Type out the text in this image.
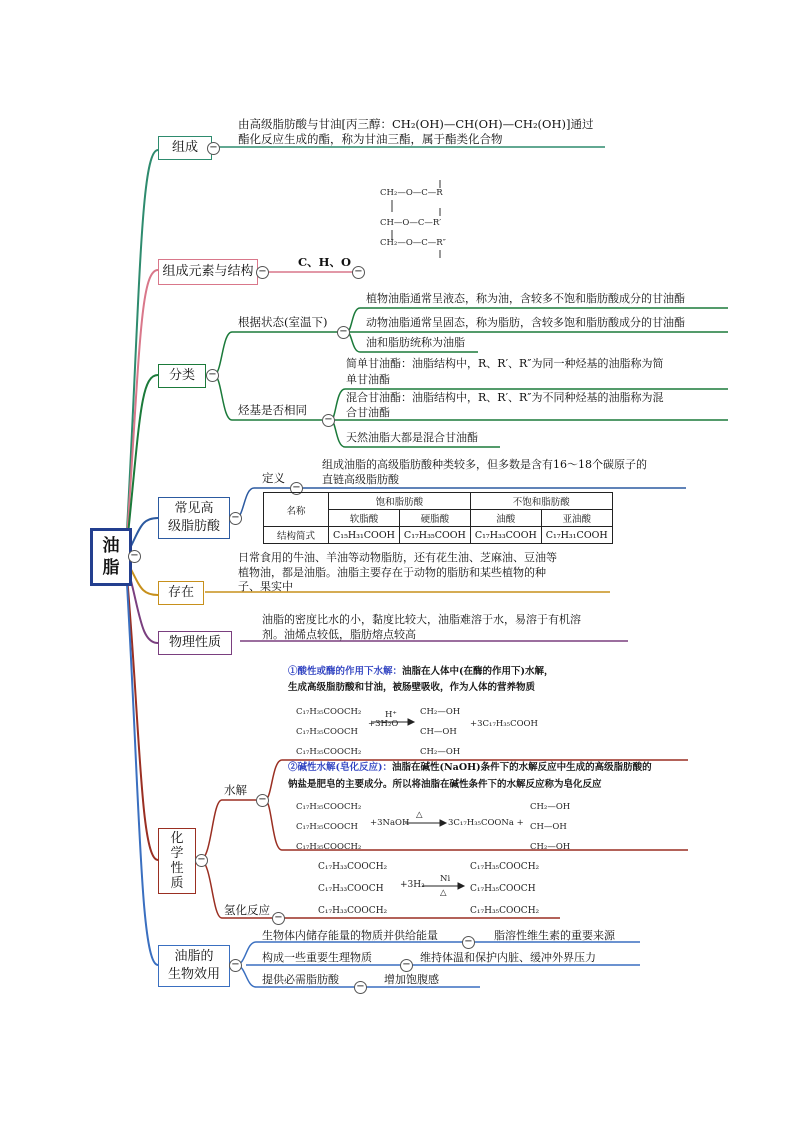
油
脂
−
组成 −
由高级脂肪酸与甘油[丙三醇：CH₂(OH)—CH(OH)—CH₂(OH)]通过
酯化反应生成的酯，称为甘油三酯，属于酯类化合物
组成元素与结构 −
C、H、O
−
CH₂—O—C—R
CH—O—C—R′
CH₂—O—C—R″
分类 −
根据状态(室温下)
−
植物油脂通常呈液态，称为油，含较多不饱和脂肪酸成分的甘油酯
动物油脂通常呈固态，称为脂肪，含较多饱和脂肪酸成分的甘油酯
油和脂肪统称为油脂
烃基是否相同
−
简单甘油酯：油脂结构中，R、R′、R″为同一种烃基的油脂称为简
单甘油酯
混合甘油酯：油脂结构中，R、R′、R″为不同种烃基的油脂称为混
合甘油酯
天然油脂大都是混合甘油酯
常见高
级脂肪酸
−
定义
−
组成油脂的高级脂肪酸种类较多，但多数是含有16～18个碳原子的
直链高级脂肪酸
名称	饱和脂肪酸		不饱和脂肪酸	
	软脂酸	硬脂酸	油酸	亚油酸
结构简式	C₁₅H₃₁COOH	C₁₇H₃₅COOH	C₁₇H₃₃COOH	C₁₇H₃₁COOH
存在
日常食用的牛油、羊油等动物脂肪，还有花生油、芝麻油、豆油等
植物油，都是油脂。油脂主要存在于动物的脂肪和某些植物的种
子、果实中
物理性质
油脂的密度比水的小，黏度比较大，油脂难溶于水，易溶于有机溶
剂。油烯点较低，脂肪熔点较高
化
学
性
质
−
水解
−
①酸性或酶的作用下水解：油脂在人体中(在酶的作用下)水解，
生成高级脂肪酸和甘油，被肠壁吸收，作为人体的营养物质
C₁₇H₃₅COOCH₂
C₁₇H₃₅COOCH
C₁₇H₃₅COOCH₂
+3H₂O
H⁺	CH₂—OH
CH—OH
CH₂—OH
+3C₁₇H₃₅COOH
②碱性水解(皂化反应)：油脂在碱性(NaOH)条件下的水解反应中生成的高级脂肪酸的
钠盐是肥皂的主要成分。所以将油脂在碱性条件下的水解反应称为皂化反应
C₁₇H₃₅COOCH₂
C₁₇H₃₅COOCH
C₁₇H₃₅COOCH₂
+3NaOH
△
3C₁₇H₃₅COONa +
CH₂—OH
CH—OH
CH₂—OH
氢化反应
−
C₁₇H₃₃COOCH₂
C₁₇H₃₃COOCH
C₁₇H₃₃COOCH₂
+3H₂
Ni
△
C₁₇H₃₅COOCH₂
C₁₇H₃₅COOCH
C₁₇H₃₅COOCH₂
油脂的
生物效用
−
生物体内储存能量的物质并供给能量	− 脂溶性维生素的重要来源
构成一些重要生理物质
−
维持体温和保护内脏、缓冲外界压力
提供必需脂肪酸
−
增加饱腹感
